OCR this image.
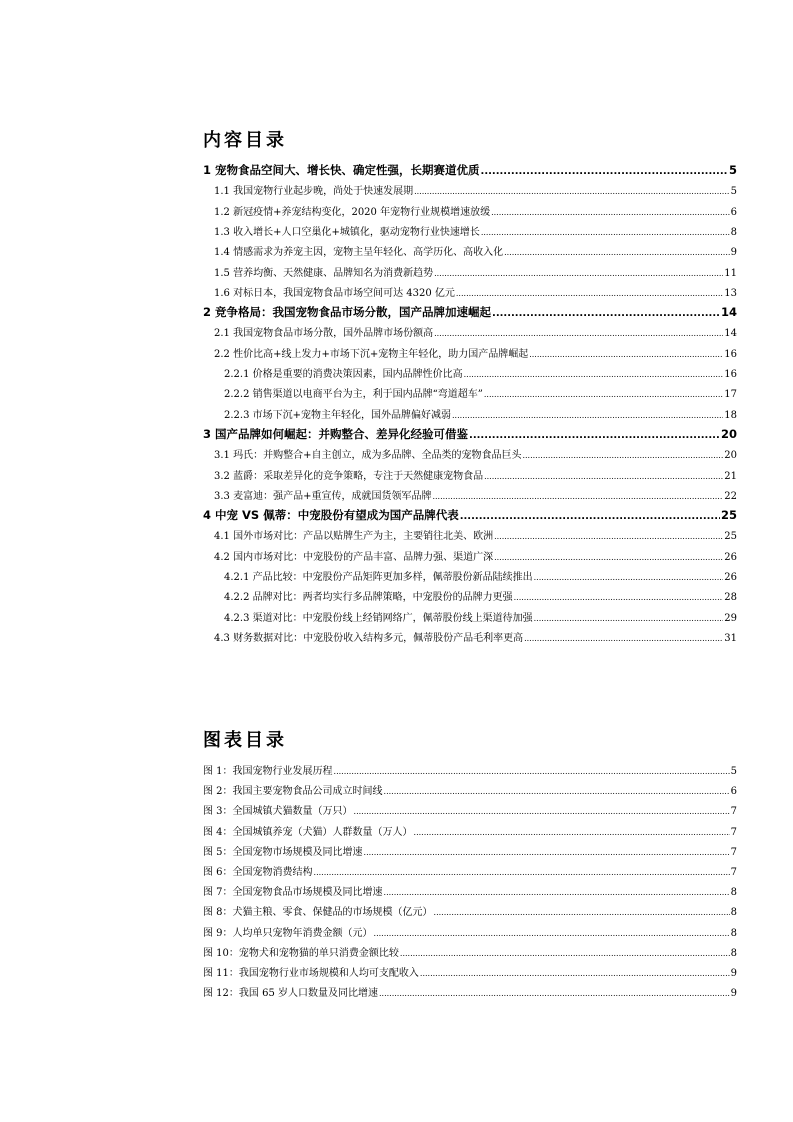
内容目录
1 宠物食品空间大、增长快、确定性强，长期赛道优质 .....	5
1.1 我国宠物行业起步晚，尚处于快速发展期 .....	5
1.2 新冠疫情+养宠结构变化，2020 年宠物行业规模增速放缓 .....	6
1.3 收入增长+人口空巢化+城镇化，驱动宠物行业快速增长 .....	8
1.4 情感需求为养宠主因，宠物主呈年轻化、高学历化、高收入化 .....	9
1.5 营养均衡、天然健康、品牌知名为消费新趋势 .....	11
1.6 对标日本，我国宠物食品市场空间可达 4320 亿元 .....	13
2 竞争格局：我国宠物食品市场分散，国产品牌加速崛起 .....	14
2.1 我国宠物食品市场分散，国外品牌市场份额高 .....	14
2.2 性价比高+线上发力+市场下沉+宠物主年轻化，助力国产品牌崛起 .....	16
2.2.1 价格是重要的消费决策因素，国内品牌性价比高 .....	16
2.2.2 销售渠道以电商平台为主，利于国内品牌“弯道超车” .....	17
2.2.3 市场下沉+宠物主年轻化，国外品牌偏好减弱 .....	18
3 国产品牌如何崛起：并购整合、差异化经验可借鉴 .....	20
3.1 玛氏：并购整合+自主创立，成为多品牌、全品类的宠物食品巨头 .....	20
3.2 蓝爵：采取差异化的竞争策略，专注于天然健康宠物食品 .....	21
3.3 麦富迪：强产品+重宣传，成就国货领军品牌 .....	22
4 中宠 VS 佩蒂：中宠股份有望成为国产品牌代表 .....	25
4.1 国外市场对比：产品以贴牌生产为主，主要销往北美、欧洲 .....	25
4.2 国内市场对比：中宠股份的产品丰富、品牌力强、渠道广深 .....	26
4.2.1 产品比较：中宠股份产品矩阵更加多样，佩蒂股份新品陆续推出 .....	26
4.2.2 品牌对比：两者均实行多品牌策略，中宠股份的品牌力更强 .....	28
4.2.3 渠道对比：中宠股份线上经销网络广，佩蒂股份线上渠道待加强 .....	29
4.3 财务数据对比：中宠股份收入结构多元，佩蒂股份产品毛利率更高 .....	31
图表目录
图 1：我国宠物行业发展历程 .....	5
图 2：我国主要宠物食品公司成立时间线 .....	6
图 3：全国城镇犬猫数量（万只） .....	7
图 4：全国城镇养宠（犬猫）人群数量（万人） .....	7
图 5：全国宠物市场规模及同比增速 .....	7
图 6：全国宠物消费结构 .....	7
图 7：全国宠物食品市场规模及同比增速 .....	8
图 8：犬猫主粮、零食、保健品的市场规模（亿元） .....	8
图 9：人均单只宠物年消费金额（元） .....	8
图 10：宠物犬和宠物猫的单只消费金额比较 .....	8
图 11：我国宠物行业市场规模和人均可支配收入 .....	9
图 12：我国 65 岁人口数量及同比增速 .....	9
